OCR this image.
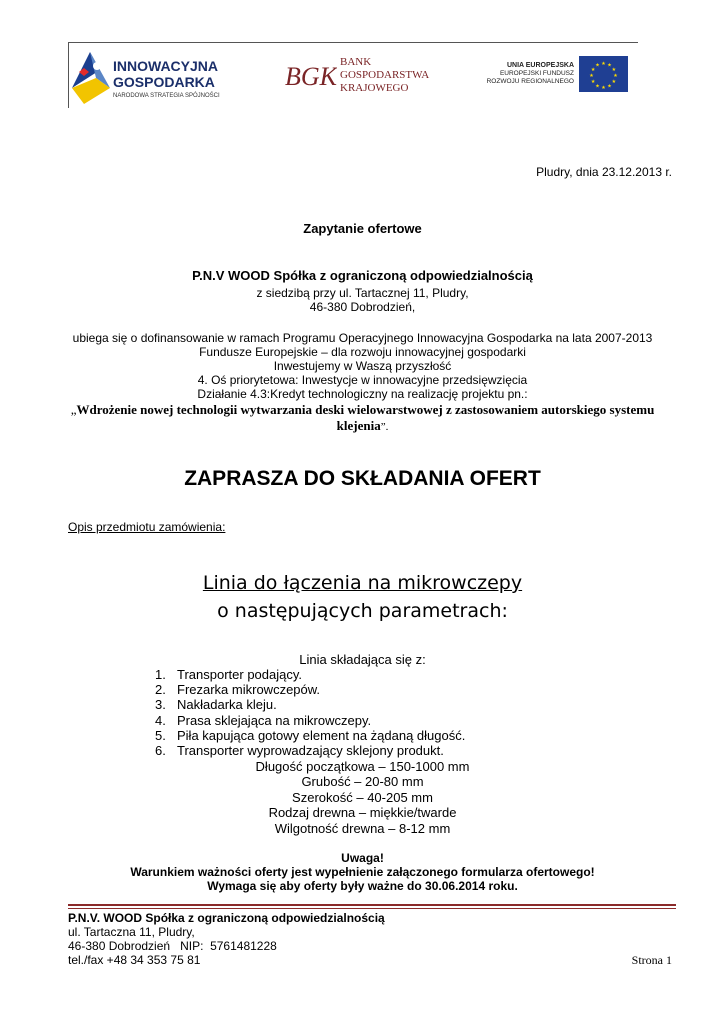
INNOWACYJNA
GOSPODARKA
NARODOWA STRATEGIA SPÓJNOŚCI
BGK BANK
GOSPODARSTWA
KRAJOWEGO
UNIA EUROPEJSKA
EUROPEJSKI FUNDUSZ
ROZWOJU REGIONALNEGO
★ ★
★
★
★
★
★
★
★
★
★
★
Pludry, dnia 23.12.2013 r.
Zapytanie ofertowe
P.N.V WOOD Spółka z ograniczoną odpowiedzialnością
z siedzibą przy ul. Tartacznej 11, Pludry,
46-380 Dobrodzień,
ubiega się o dofinansowanie w ramach Programu Operacyjnego Innowacyjna Gospodarka na lata 2007-2013
Fundusze Europejskie – dla rozwoju innowacyjnej gospodarki
Inwestujemy w Waszą przyszłość
4. Oś priorytetowa: Inwestycje w innowacyjne przedsięwzięcia
Działanie 4.3:Kredyt technologiczny na realizację projektu pn.:
„Wdrożenie nowej technologii wytwarzania deski wielowarstwowej z zastosowaniem autorskiego systemu
klejenia”.
ZAPRASZA DO SKŁADANIA OFERT
Opis przedmiotu zamówienia:
Linia do łączenia na mikrowczepy
o następujących parametrach:
Linia składająca się z:
1. Transporter podający.
2. Frezarka mikrowczepów.
3. Nakładarka kleju.
4. Prasa sklejająca na mikrowczepy.
5. Piła kapująca gotowy element na żądaną długość.
6. Transporter wyprowadzający sklejony produkt.
Długość początkowa – 150-1000 mm
Grubość – 20-80 mm
Szerokość – 40-205 mm
Rodzaj drewna – miękkie/twarde
Wilgotność drewna – 8-12 mm
Uwaga!
Warunkiem ważności oferty jest wypełnienie załączonego formularza ofertowego!
Wymaga się aby oferty były ważne do 30.06.2014 roku.
P.N.V. WOOD Spółka z ograniczoną odpowiedzialnością
ul. Tartaczna 11, Pludry,
46-380 Dobrodzień   NIP:  5761481228
tel./fax +48 34 353 75 81	Strona 1
